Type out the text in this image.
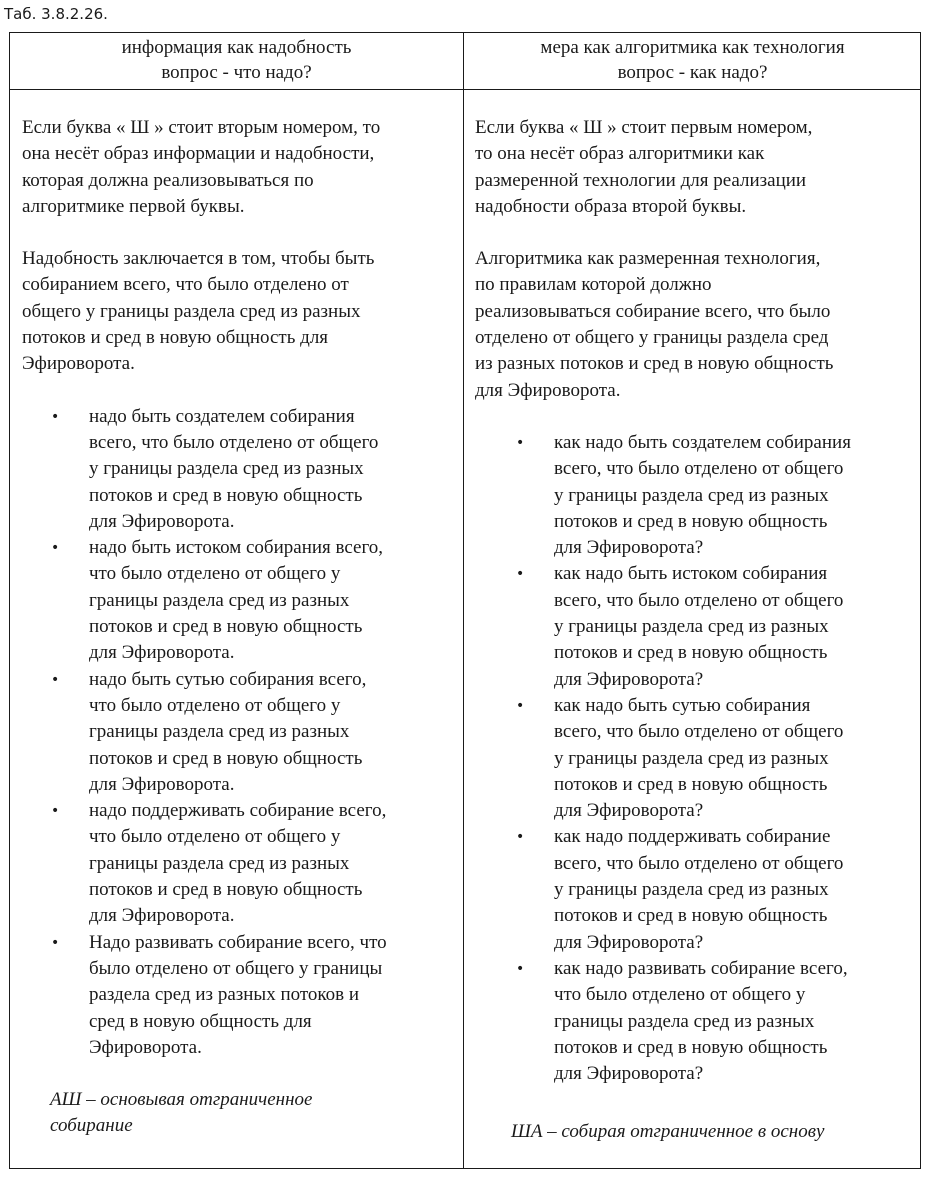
Таб. 3.8.2.26.
информация как надобность
вопрос - что надо?
мера как алгоритмика как технология
вопрос - как надо?

Если буква « Ш » стоит вторым номером, то
она несёт образ информации и надобности,
которая должна реализовываться по
алгоритмике первой буквы.

Надобность заключается в том, чтобы быть
собиранием всего, что было отделено от
общего у границы раздела сред из разных
потоков и сред в новую общность для
Эфироворота.

• надо быть создателем собирания
всего, что было отделено от общего
у границы раздела сред из разных
потоков и сред в новую общность
для Эфироворота.
• надо быть истоком собирания всего,
что было отделено от общего у
границы раздела сред из разных
потоков и сред в новую общность
для Эфироворота.
• надо быть сутью собирания всего,
что было отделено от общего у
границы раздела сред из разных
потоков и сред в новую общность
для Эфироворота.
• надо поддерживать собирание всего,
что было отделено от общего у
границы раздела сред из разных
потоков и сред в новую общность
для Эфироворота.
• Надо развивать собирание всего, что
было отделено от общего у границы
раздела сред из разных потоков и
сред в новую общность для
Эфироворота.

АШ – основывая отграниченное
собирание

Если буква « Ш » стоит первым номером,
то она несёт образ алгоритмики как
размеренной технологии для реализации
надобности образа второй буквы.

Алгоритмика как размеренная технология,
по правилам которой должно
реализовываться собирание всего, что было
отделено от общего у границы раздела сред
из разных потоков и сред в новую общность
для Эфироворота.

• как надо быть создателем собирания
всего, что было отделено от общего
у границы раздела сред из разных
потоков и сред в новую общность
для Эфироворота?
• как надо быть истоком собирания
всего, что было отделено от общего
у границы раздела сред из разных
потоков и сред в новую общность
для Эфироворота?
• как надо быть сутью собирания
всего, что было отделено от общего
у границы раздела сред из разных
потоков и сред в новую общность
для Эфироворота?
• как надо поддерживать собирание
всего, что было отделено от общего
у границы раздела сред из разных
потоков и сред в новую общность
для Эфироворота?
• как надо развивать собирание всего,
что было отделено от общего у
границы раздела сред из разных
потоков и сред в новую общность
для Эфироворота?

ША – собирая отграниченное в основу
